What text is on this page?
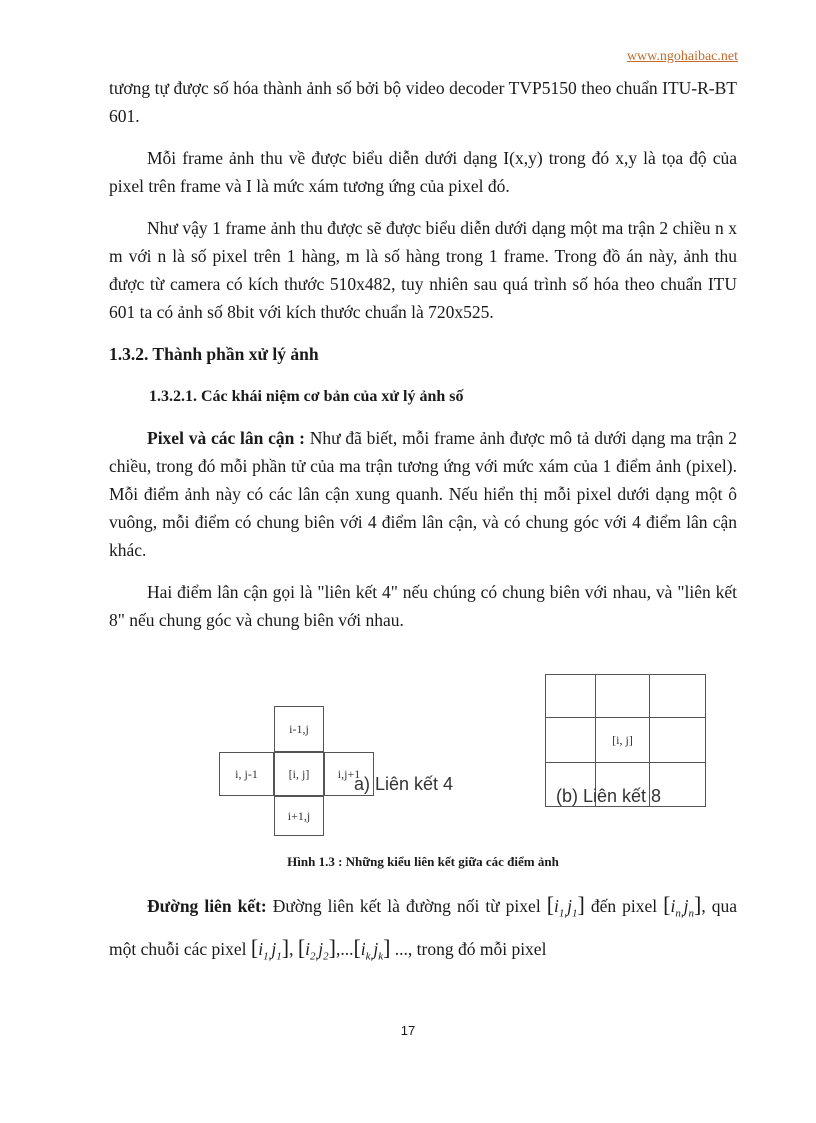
www.ngohaibac.net

tương tự được số hóa thành ảnh số bởi bộ video decoder TVP5150 theo chuẩn ITU-R-BT 601.

Mỗi frame ảnh thu về được biểu diễn dưới dạng I(x,y) trong đó x,y là tọa độ của pixel trên frame và I là mức xám tương ứng của pixel đó.

Như vậy 1 frame ảnh thu được sẽ được biểu diễn dưới dạng một ma trận 2 chiều n x m với n là số pixel trên 1 hàng, m là số hàng trong 1 frame. Trong đồ án này, ảnh thu được từ camera có kích thước 510x482, tuy nhiên sau quá trình số hóa theo chuẩn ITU 601 ta có ảnh số 8bit với kích thước chuẩn là 720x525.

1.3.2. Thành phần xử lý ảnh
1.3.2.1. Các khái niệm cơ bản của xử lý ảnh số

Pixel và các lân cận : Như đã biết, mỗi frame ảnh được mô tả dưới dạng ma trận 2 chiều, trong đó mỗi phần tử của ma trận tương ứng với mức xám của 1 điểm ảnh (pixel). Mỗi điểm ảnh này có các lân cận xung quanh. Nếu hiển thị mỗi pixel dưới dạng một ô vuông, mỗi điểm có chung biên với 4 điểm lân cận, và có chung góc với 4 điểm lân cận khác.

Hai điểm lân cận gọi là "liên kết 4" nếu chúng có chung biên với nhau, và "liên kết 8" nếu chung góc và chung biên với nhau.

i-1,j
i, j-1	[i, j]	i,j+1
i+1,j
a) Liên kết 4
[i, j]
(b) Liên kết 8
Hình 1.3 : Những kiểu liên kết giữa các điểm ảnh

Đường liên kết: Đường liên kết là đường nối từ pixel $[i_{1,}j_1]$ đến pixel $[i_{n,}j_n]$, qua một chuỗi các pixel $[i_{1,}j_1]$, $[i_{2,}j_2],...[i_{k,}j_k]$ ..., trong đó mỗi pixel

17
